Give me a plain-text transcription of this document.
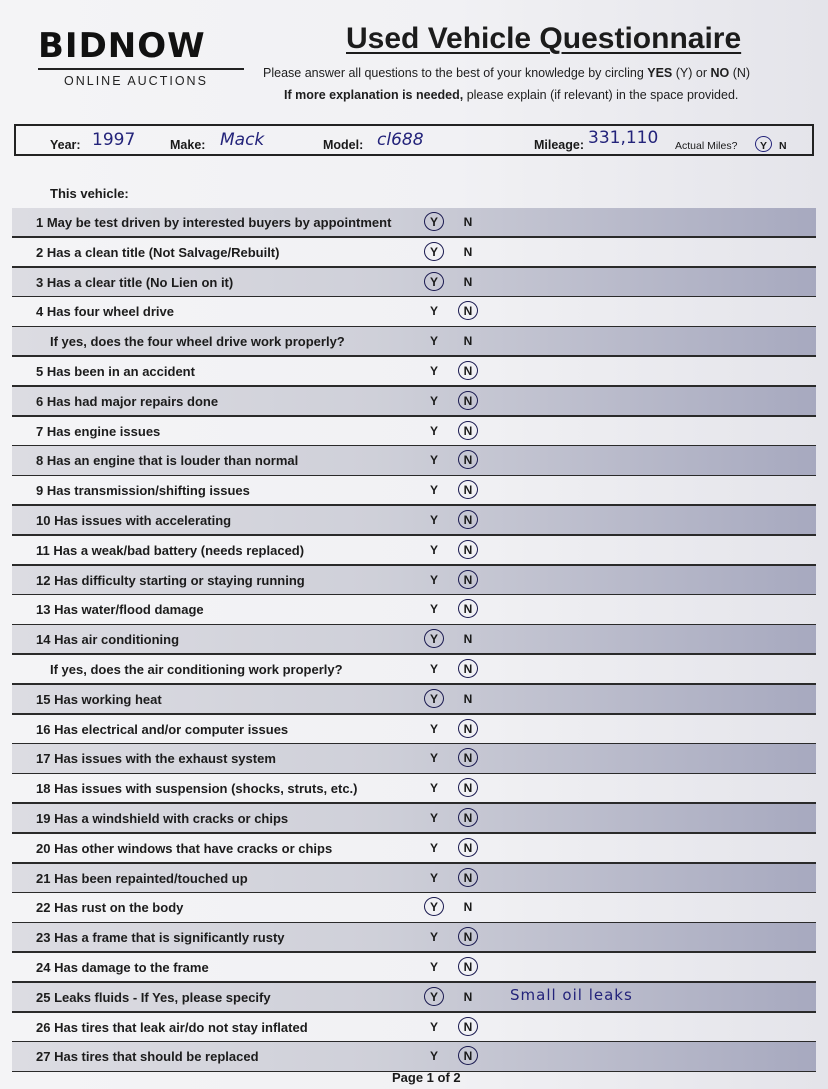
BIDNOW
ONLINE AUCTIONS
Used Vehicle Questionnaire
Please answer all questions to the best of your knowledge by circling YES (Y) or NO (N)
If more explanation is needed, please explain (if relevant) in the space provided.
Year: 1997	Make: Mack	Model: cl688	Mileage: 331,110 Actual Miles? Y N
This vehicle:
1 May be test driven by interested buyers by appointment	Y	N
2 Has a clean title (Not Salvage/Rebuilt)	Y	N
3 Has a clear title (No Lien on it)	Y	N
4 Has four wheel drive	Y	N
If yes, does the four wheel drive work properly?	Y	N
5 Has been in an accident	Y	N
6 Has had major repairs done	Y	N
7 Has engine issues	Y	N
8 Has an engine that is louder than normal	Y	N
9 Has transmission/shifting issues	Y	N
10 Has issues with accelerating	Y	N
11 Has a weak/bad battery (needs replaced)	Y	N
12 Has difficulty starting or staying running	Y	N
13 Has water/flood damage	Y	N
14 Has air conditioning	Y	N
If yes, does the air conditioning work properly?	Y	N
15 Has working heat	Y	N
16 Has electrical and/or computer issues	Y	N
17 Has issues with the exhaust system	Y	N
18 Has issues with suspension (shocks, struts, etc.)	Y	N
19 Has a windshield with cracks or chips	Y	N
20 Has other windows that have cracks or chips	Y	N
21 Has been repainted/touched up	Y	N
22 Has rust on the body	Y	N
23 Has a frame that is significantly rusty	Y	N
24 Has damage to the frame	Y	N
25 Leaks fluids - If Yes, please specify	Y	N	Small oil leaks
26 Has tires that leak air/do not stay inflated	Y	N
27 Has tires that should be replaced	Y	N
Page 1 of 2
